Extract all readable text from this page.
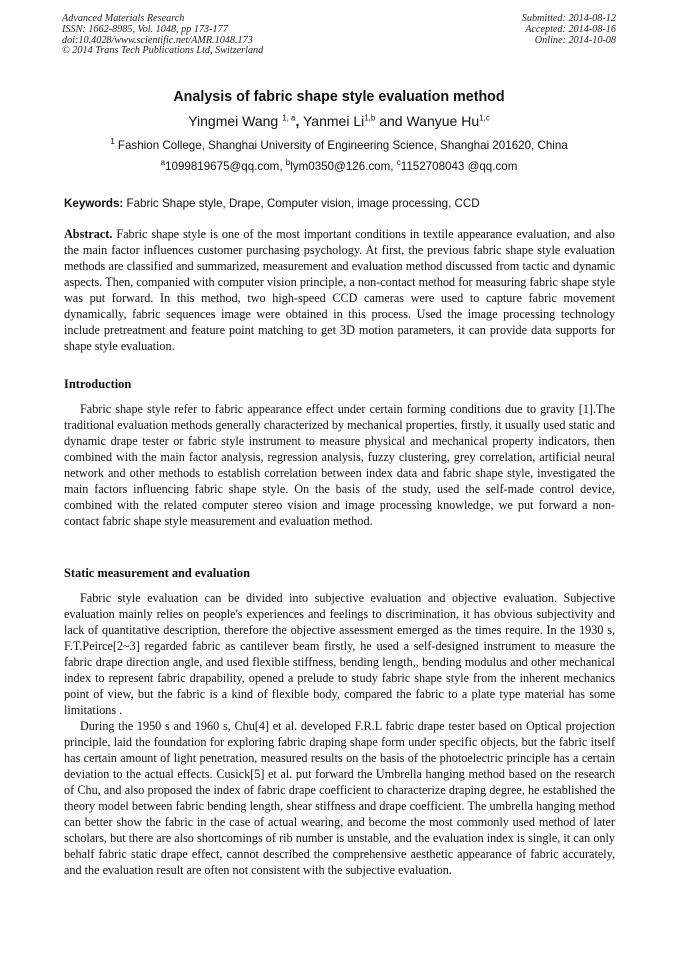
Advanced Materials Research
ISSN: 1662-8985, Vol. 1048, pp 173-177
doi:10.4028/www.scientific.net/AMR.1048.173
© 2014 Trans Tech Publications Ltd, Switzerland
Submitted: 2014-08-12
Accepted: 2014-08-16
Online: 2014-10-08
Analysis of fabric shape style evaluation method
Yingmei Wang $^{1, a}$, Yanmei Li$^{1,b}$ and Wanyue Hu$^{1,c}$
$^1$ Fashion College, Shanghai University of Engineering Science, Shanghai 201620, China
$^a$1099819675@qq.com, $^b$lym0350@126.com, $^c$1152708043 @qq.com
Keywords: Fabric Shape style, Drape, Computer vision, image processing, CCD
Abstract. Fabric shape style is one of the most important conditions in textile appearance evaluation, and also the main factor influences customer purchasing psychology. At first, the previous fabric shape style evaluation methods are classified and summarized, measurement and evaluation method discussed from tactic and dynamic aspects. Then, companied with computer vision principle, a non-contact method for measuring fabric shape style was put forward. In this method, two high-speed CCD cameras were used to capture fabric movement dynamically, fabric sequences image were obtained in this process. Used the image processing technology include pretreatment and feature point matching to get 3D motion parameters, it can provide data supports for shape style evaluation.
Introduction
Fabric shape style refer to fabric appearance effect under certain forming conditions due to gravity [1].The traditional evaluation methods generally characterized by mechanical properties, firstly, it usually used static and dynamic drape tester or fabric style instrument to measure physical and mechanical property indicators, then combined with the main factor analysis, regression analysis, fuzzy clustering, grey correlation, artificial neural network and other methods to establish correlation between index data and fabric shape style, investigated the main factors influencing fabric shape style. On the basis of the study, used the self-made control device, combined with the related computer stereo vision and image processing knowledge, we put forward a non-contact fabric shape style measurement and evaluation method.
Static measurement and evaluation
Fabric style evaluation can be divided into subjective evaluation and objective evaluation. Subjective evaluation mainly relies on people's experiences and feelings to discrimination, it has obvious subjectivity and lack of quantitative description, therefore the objective assessment emerged as the times require. In the 1930 s, F.T.Peirce[2~3] regarded fabric as cantilever beam firstly, he used a self-designed instrument to measure the fabric drape direction angle, and used flexible stiffness, bending length,, bending modulus and other mechanical index to represent fabric drapability, opened a prelude to study fabric shape style from the inherent mechanics point of view, but the fabric is a kind of flexible body, compared the fabric to a plate type material has some limitations .
During the 1950 s and 1960 s, Chu[4] et al. developed F.R.L fabric drape tester based on Optical projection principle, laid the foundation for exploring fabric draping shape form under specific objects, but the fabric itself has certain amount of light penetration, measured results on the basis of the photoelectric principle has a certain deviation to the actual effects. Cusick[5] et al. put forward the Umbrella hanging method based on the research of Chu, and also proposed the index of fabric drape coefficient to characterize draping degree, he established the theory model between fabric bending length, shear stiffness and drape coefficient. The umbrella hanging method can better show the fabric in the case of actual wearing, and become the most commonly used method of later scholars, but there are also shortcomings of rib number is unstable, and the evaluation index is single, it can only behalf fabric static drape effect, cannot described the comprehensive aesthetic appearance of fabric accurately, and the evaluation result are often not consistent with the subjective evaluation.
